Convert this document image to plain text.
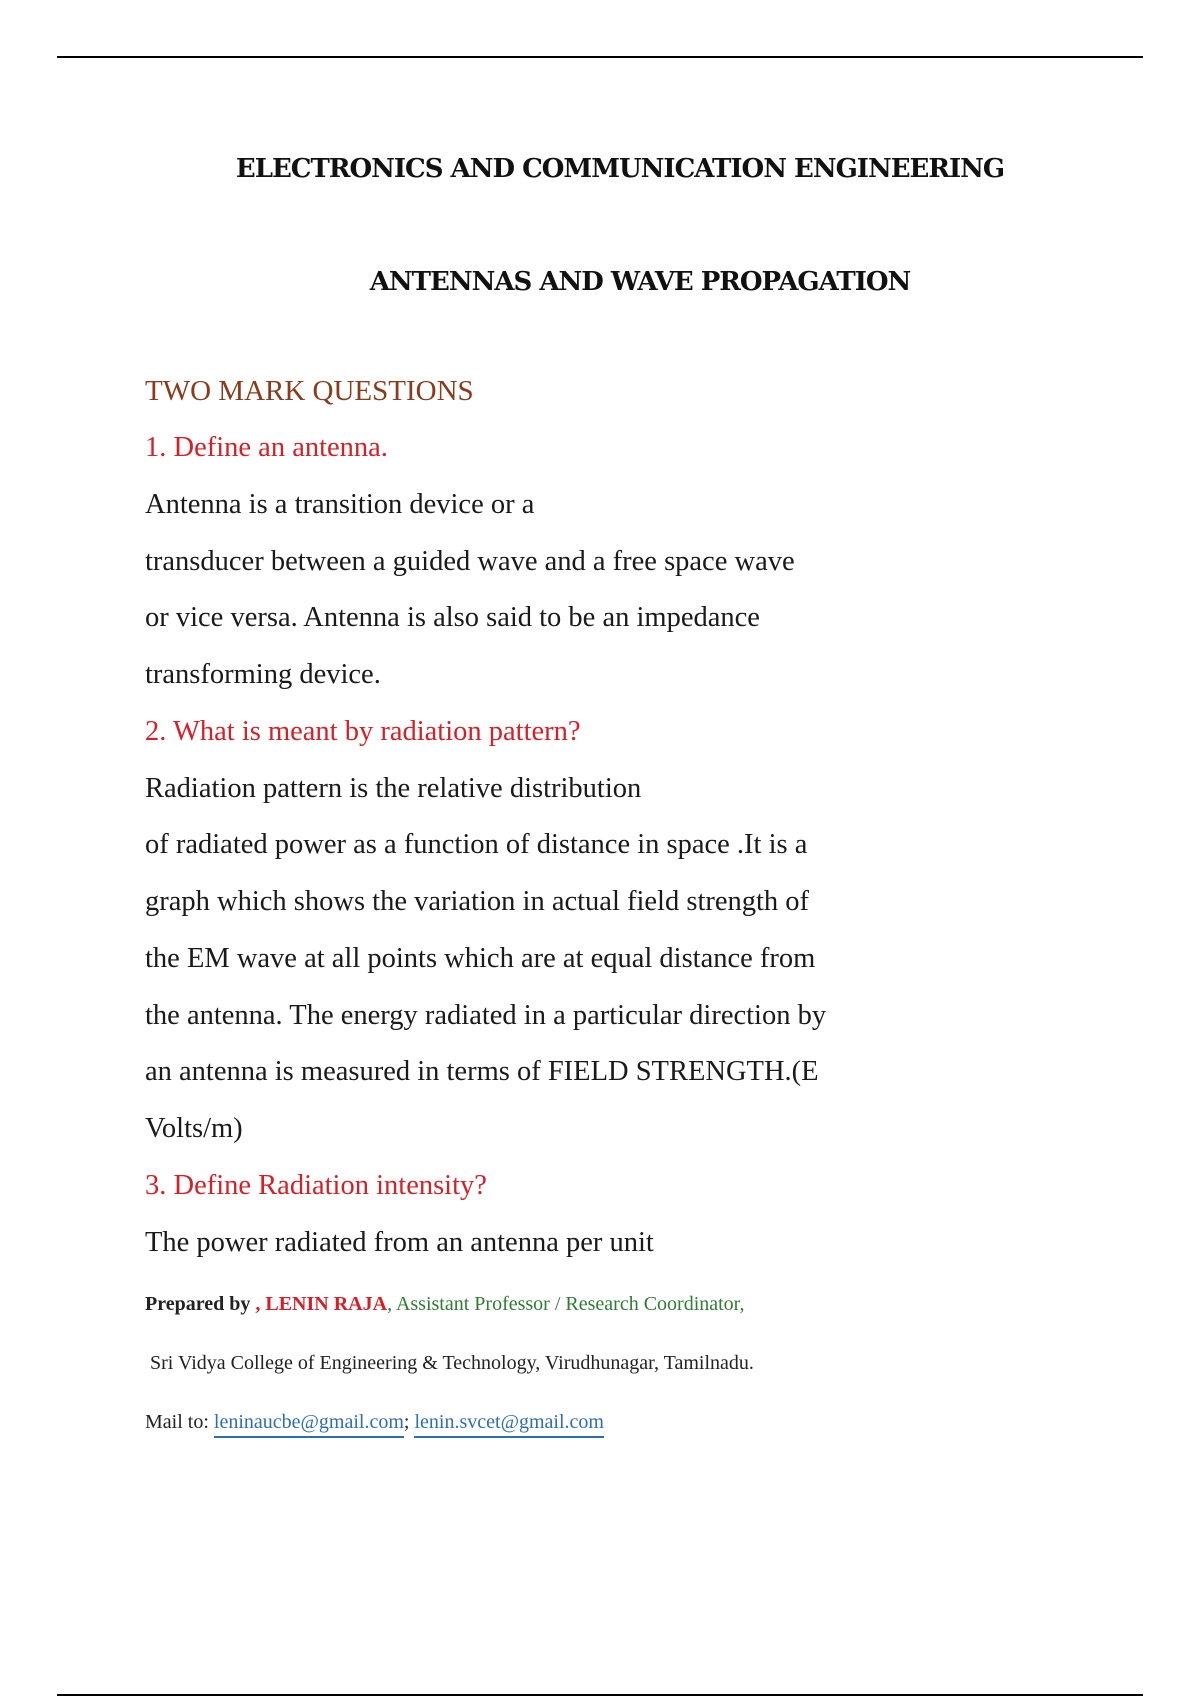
ELECTRONICS AND COMMUNICATION ENGINEERING
ANTENNAS AND WAVE PROPAGATION
TWO MARK QUESTIONS
1. Define an antenna.
Antenna is a transition device or a
transducer between a guided wave and a free space wave
or vice versa. Antenna is also said to be an impedance
transforming device.
2. What is meant by radiation pattern?
Radiation pattern is the relative distribution
of radiated power as a function of distance in space .It is a
graph which shows the variation in actual field strength of
the EM wave at all points which are at equal distance from
the antenna. The energy radiated in a particular direction by
an antenna is measured in terms of FIELD STRENGTH.(E
Volts/m)
3. Define Radiation intensity?
The power radiated from an antenna per unit
Prepared by , LENIN RAJA, Assistant Professor / Research Coordinator,
Sri Vidya College of Engineering & Technology, Virudhunagar, Tamilnadu.
Mail to: leninaucbe@gmail.com; lenin.svcet@gmail.com
